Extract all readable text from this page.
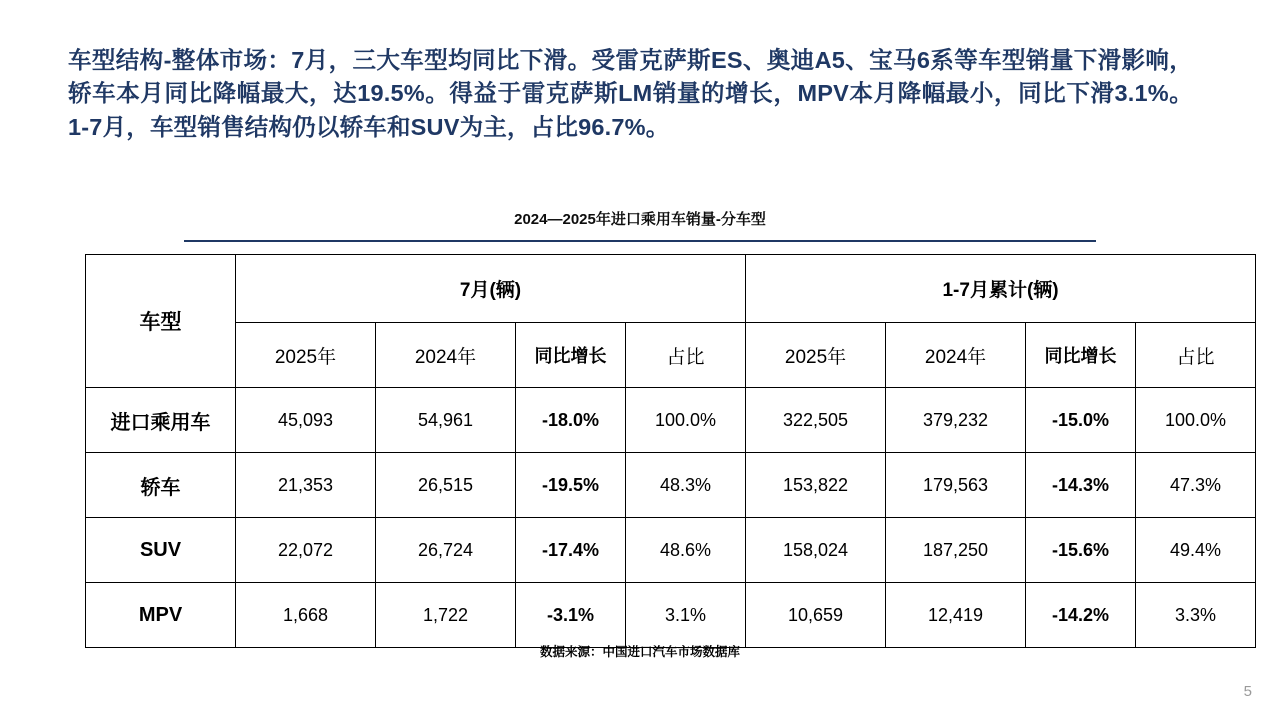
车型结构-整体市场：7月，三大车型均同比下滑。受雷克萨斯ES、奥迪A5、宝马6系等车型销量下滑影响，轿车本月同比降幅最大，达19.5%。得益于雷克萨斯LM销量的增长，MPV本月降幅最小，同比下滑3.1%。1-7月，车型销售结构仍以轿车和SUV为主，占比96.7%。
2024—2025年进口乘用车销量-分车型
车型	7月(辆)				1-7月累计(辆)			
	2025年	2024年	同比增长	占比	2025年	2024年	同比增长	占比
进口乘用车	45,093	54,961	-18.0%	100.0%	322,505	379,232	-15.0%	100.0%
轿车	21,353	26,515	-19.5%	48.3%	153,822	179,563	-14.3%	47.3%
SUV	22,072	26,724	-17.4%	48.6%	158,024	187,250	-15.6%	49.4%
MPV	1,668	1,722	-3.1%	3.1%	10,659	12,419	-14.2%	3.3%
数据来源：中国进口汽车市场数据库
5
